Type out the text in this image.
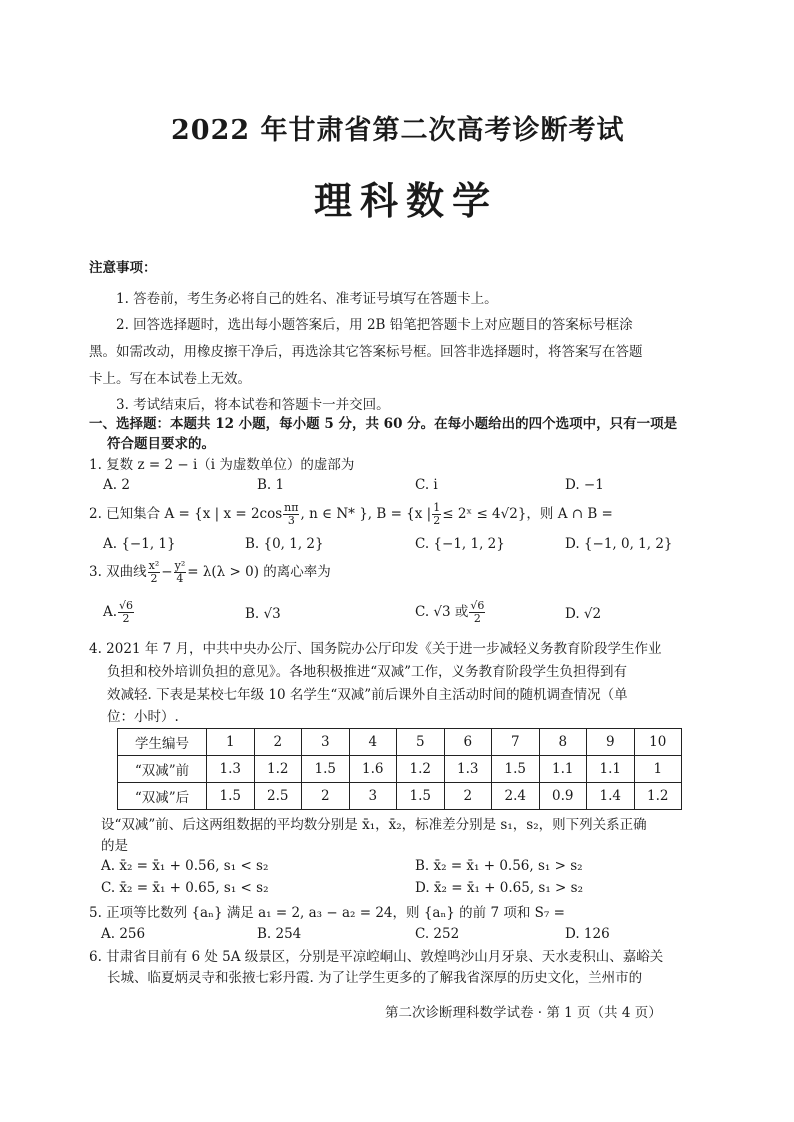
2022 年甘肃省第二次高考诊断考试
理科数学
注意事项：
1. 答卷前，考生务必将自己的姓名、准考证号填写在答题卡上。
2. 回答选择题时，选出每小题答案后，用 2B 铅笔把答题卡上对应题目的答案标号框涂
黑。如需改动，用橡皮擦干净后，再选涂其它答案标号框。回答非选择题时，将答案写在答题
卡上。写在本试卷上无效。
3. 考试结束后，将本试卷和答题卡一并交回。
一、选择题：本题共 12 小题，每小题 5 分，共 60 分。在每小题给出的四个选项中，只有一项是
符合题目要求的。
1. 复数 z = 2 − i（i 为虚数单位）的虚部为
A. 2	B. 1	C. i	D. −1
2. 已知集合 A = {x | $x = 2\cos \frac{n\pi}{3}$ , n ∈ N* }, B = {x | $\frac{1}{2}$ ≤ 2ˣ ≤ 4√2}，则 A ∩ B =
A. {−1, 1}	B. {0, 1, 2}	C. {−1, 1, 2}	D. {−1, 0, 1, 2}
3. 双曲线 $\frac{\text{x²}}{2} - \frac{\text{y²}}{4} = \lambda(\lambda > 0)$ 的离心率为
A. $\frac{√6}{2}$	B. √3	C. √3 或 $\frac{√6}{2}$	D. √2
4. 2021 年 7 月，中共中央办公厅、国务院办公厅印发《关于进一步减轻义务教育阶段学生作业
负担和校外培训负担的意见》。各地积极推进“双减”工作，义务教育阶段学生负担得到有
效减轻. 下表是某校七年级 10 名学生“双减”前后课外自主活动时间的随机调查情况（单
位：小时）.
学生编号	1	2	3	4	5	6	7	8	9	10
“双减”前	1.3	1.2	1.5	1.6	1.2	1.3	1.5	1.1	1.1	1
“双减”后	1.5	2.5	2	3	1.5	2	2.4	0.9	1.4	1.2
设“双减”前、后这两组数据的平均数分别是 x̄₁，x̄₂，标准差分别是 s₁，s₂，则下列关系正确
的是
A. x̄₂ = x̄₁ + 0.56, s₁ < s₂	B. x̄₂ = x̄₁ + 0.56, s₁ > s₂
C. x̄₂ = x̄₁ + 0.65, s₁ < s₂	D. x̄₂ = x̄₁ + 0.65, s₁ > s₂
5. 正项等比数列 {aₙ} 满足 a₁ = 2, a₃ − a₂ = 24，则 {aₙ} 的前 7 项和 S₇ =
A. 256	B. 254	C. 252	D. 126
6. 甘肃省目前有 6 处 5A 级景区，分别是平凉崆峒山、敦煌鸣沙山月牙泉、天水麦积山、嘉峪关
长城、临夏炳灵寺和张掖七彩丹霞. 为了让学生更多的了解我省深厚的历史文化，兰州市的
第二次诊断理科数学试卷 · 第 1 页（共 4 页）
